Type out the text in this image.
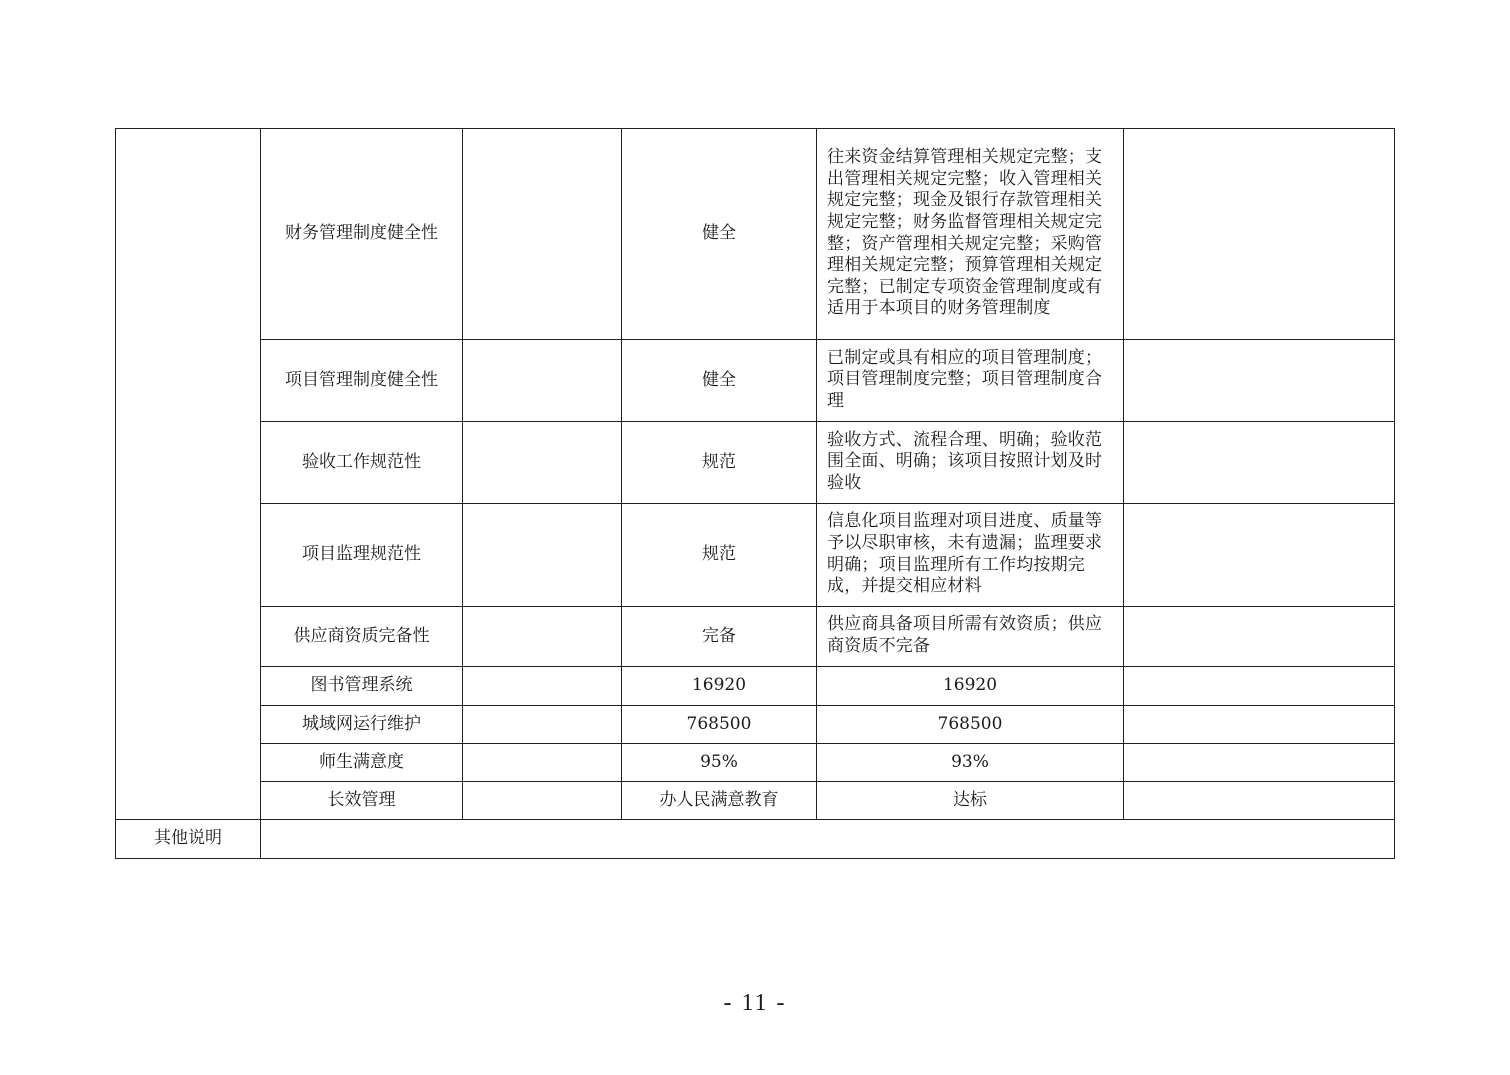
	财务管理制度健全性		健全	往来资金结算管理相关规定完整；支出管理相关规定完整；收入管理相关规定完整；现金及银行存款管理相关规定完整；财务监督管理相关规定完整；资产管理相关规定完整；采购管理相关规定完整；预算管理相关规定完整；已制定专项资金管理制度或有适用于本项目的财务管理制度	
	项目管理制度健全性		健全	已制定或具有相应的项目管理制度；项目管理制度完整；项目管理制度合理	
	验收工作规范性		规范	验收方式、流程合理、明确；验收范围全面、明确；该项目按照计划及时验收	
	项目监理规范性		规范	信息化项目监理对项目进度、质量等予以尽职审核，未有遗漏；监理要求明确；项目监理所有工作均按期完成，并提交相应材料	
	供应商资质完备性		完备	供应商具备项目所需有效资质；供应商资质不完备	
	图书管理系统		16920	16920	
	城域网运行维护		768500	768500	
	师生满意度		95%	93%	
	长效管理		办人民满意教育	达标	
其他说明					
- 11 -
